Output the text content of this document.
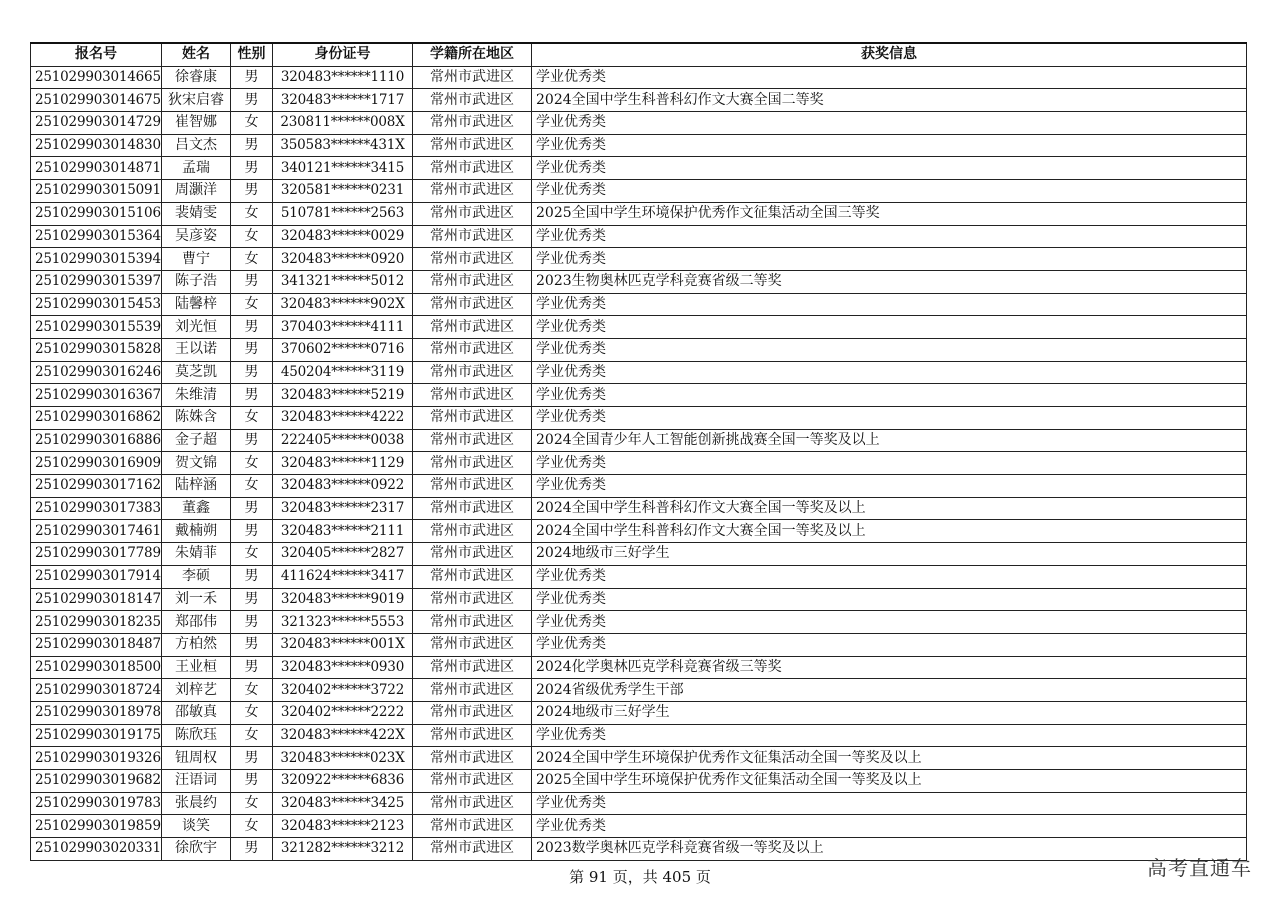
报名号	姓名	性别	身份证号	学籍所在地区	获奖信息
251029903014665	徐睿康	男	320483******1110	常州市武进区	学业优秀类
251029903014675	狄宋启睿	男	320483******1717	常州市武进区	2024全国中学生科普科幻作文大赛全国二等奖
251029903014729	崔智娜	女	230811******008X	常州市武进区	学业优秀类
251029903014830	吕文杰	男	350583******431X	常州市武进区	学业优秀类
251029903014871	孟瑞	男	340121******3415	常州市武进区	学业优秀类
251029903015091	周灏洋	男	320581******0231	常州市武进区	学业优秀类
251029903015106	裴婧雯	女	510781******2563	常州市武进区	2025全国中学生环境保护优秀作文征集活动全国三等奖
251029903015364	吴彦姿	女	320483******0029	常州市武进区	学业优秀类
251029903015394	曹宁	女	320483******0920	常州市武进区	学业优秀类
251029903015397	陈子浩	男	341321******5012	常州市武进区	2023生物奥林匹克学科竞赛省级二等奖
251029903015453	陆馨梓	女	320483******902X	常州市武进区	学业优秀类
251029903015539	刘光恒	男	370403******4111	常州市武进区	学业优秀类
251029903015828	王以诺	男	370602******0716	常州市武进区	学业优秀类
251029903016246	莫芝凯	男	450204******3119	常州市武进区	学业优秀类
251029903016367	朱维清	男	320483******5219	常州市武进区	学业优秀类
251029903016862	陈姝含	女	320483******4222	常州市武进区	学业优秀类
251029903016886	金子超	男	222405******0038	常州市武进区	2024全国青少年人工智能创新挑战赛全国一等奖及以上
251029903016909	贺文锦	女	320483******1129	常州市武进区	学业优秀类
251029903017162	陆梓涵	女	320483******0922	常州市武进区	学业优秀类
251029903017383	董鑫	男	320483******2317	常州市武进区	2024全国中学生科普科幻作文大赛全国一等奖及以上
251029903017461	戴楠朔	男	320483******2111	常州市武进区	2024全国中学生科普科幻作文大赛全国一等奖及以上
251029903017789	朱婧菲	女	320405******2827	常州市武进区	2024地级市三好学生
251029903017914	李硕	男	411624******3417	常州市武进区	学业优秀类
251029903018147	刘一禾	男	320483******9019	常州市武进区	学业优秀类
251029903018235	郑邵伟	男	321323******5553	常州市武进区	学业优秀类
251029903018487	方柏然	男	320483******001X	常州市武进区	学业优秀类
251029903018500	王业桓	男	320483******0930	常州市武进区	2024化学奥林匹克学科竞赛省级三等奖
251029903018724	刘梓艺	女	320402******3722	常州市武进区	2024省级优秀学生干部
251029903018978	邵敏真	女	320402******2222	常州市武进区	2024地级市三好学生
251029903019175	陈欣珏	女	320483******422X	常州市武进区	学业优秀类
251029903019326	钮周权	男	320483******023X	常州市武进区	2024全国中学生环境保护优秀作文征集活动全国一等奖及以上
251029903019682	汪语词	男	320922******6836	常州市武进区	2025全国中学生环境保护优秀作文征集活动全国一等奖及以上
251029903019783	张晨约	女	320483******3425	常州市武进区	学业优秀类
251029903019859	谈笑	女	320483******2123	常州市武进区	学业优秀类
251029903020331	徐欣宇	男	321282******3212	常州市武进区	2023数学奥林匹克学科竞赛省级一等奖及以上
第 91 页，共 405 页	高考直通车
